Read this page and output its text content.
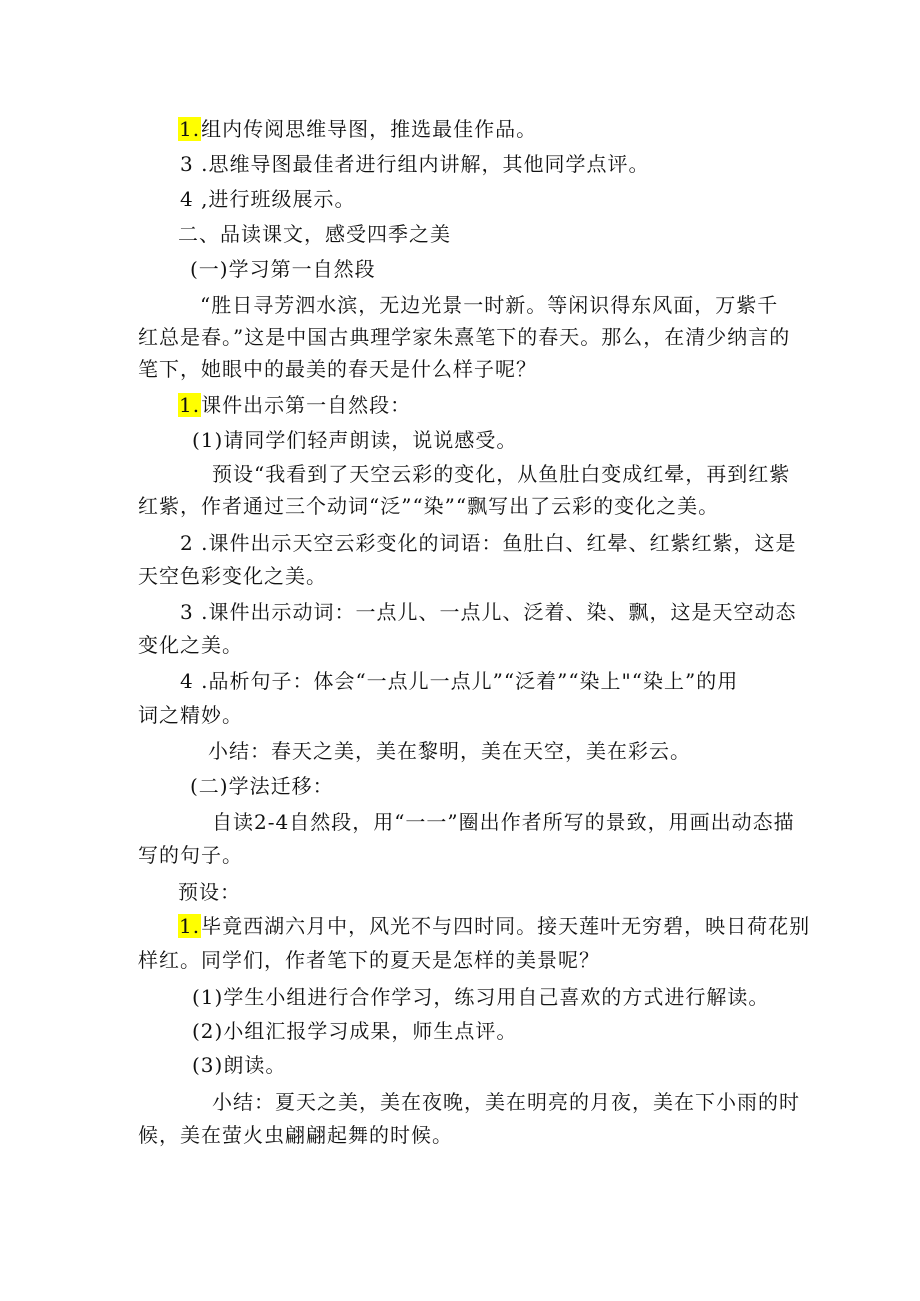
1.组内传阅思维导图，推选最佳作品。
3 .思维导图最佳者进行组内讲解，其他同学点评。
4 ,进行班级展示。
二、品读课文，感受四季之美
(一)学习第一自然段
“胜日寻芳泗水滨，无边光景一时新。等闲识得东风面，万紫千
红总是春。”这是中国古典理学家朱熹笔下的春天。那么，在清少纳言的
笔下，她眼中的最美的春天是什么样子呢？
1.课件出示第一自然段：
(1)请同学们轻声朗读，说说感受。
预设“我看到了天空云彩的变化，从鱼肚白变成红晕，再到红紫
红紫，作者通过三个动词“泛”“染”“飘写出了云彩的变化之美。
2 .课件出示天空云彩变化的词语：鱼肚白、红晕、红紫红紫，这是
天空色彩变化之美。
3 .课件出示动词：一点儿、一点儿、泛着、染、飘，这是天空动态
变化之美。
4 .品析句子：体会“一点儿一点儿”“泛着”“染上"“染上”的用
词之精妙。
小结：春天之美，美在黎明，美在天空，美在彩云。
(二)学法迁移：
自读2-4自然段，用“一一”圈出作者所写的景致，用画出动态描
写的句子。
预设：
1.毕竟西湖六月中，风光不与四时同。接天莲叶无穷碧，映日荷花别
样红。同学们，作者笔下的夏天是怎样的美景呢？
(1)学生小组进行合作学习，练习用自己喜欢的方式进行解读。
(2)小组汇报学习成果，师生点评。
(3)朗读。
小结：夏天之美，美在夜晚，美在明亮的月夜，美在下小雨的时
候，美在萤火虫翩翩起舞的时候。
